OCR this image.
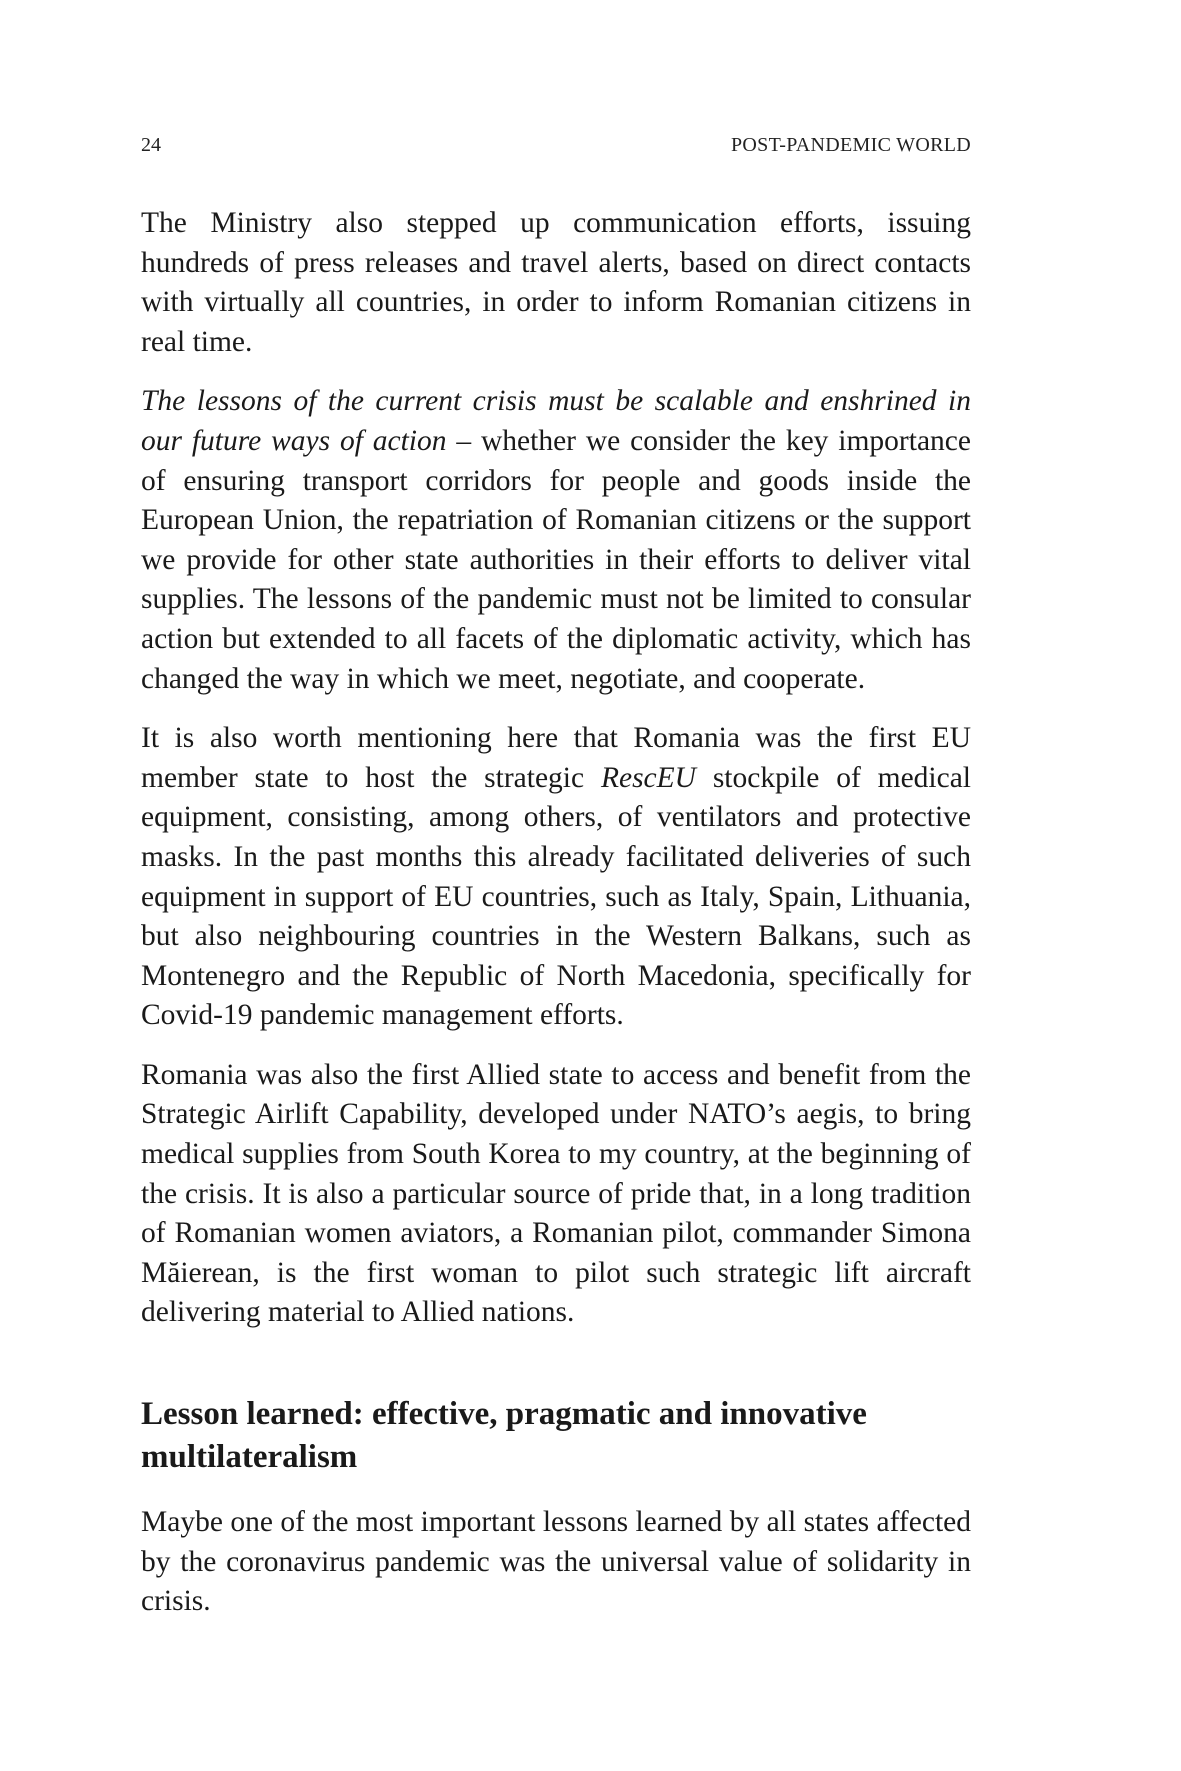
24	POST-PANDEMIC WORLD

The Ministry also stepped up communication efforts, issuing hundreds of press releases and travel alerts, based on direct contacts with virtually all countries, in order to inform Romanian citizens in real time.

The lessons of the current crisis must be scalable and enshrined in our future ways of action – whether we consider the key importance of ensuring transport corridors for people and goods inside the European Union, the repatriation of Romanian citizens or the support we provide for other state authorities in their efforts to deliver vital supplies. The lessons of the pandemic must not be limited to consular action but extended to all facets of the diplomatic activity, which has changed the way in which we meet, negotiate, and cooperate.

It is also worth mentioning here that Romania was the first EU member state to host the strategic RescEU stockpile of medical equipment, consisting, among others, of ventilators and protective masks. In the past months this already facilitated deliveries of such equipment in support of EU countries, such as Italy, Spain, Lithuania, but also neighbouring countries in the Western Balkans, such as Montenegro and the Republic of North Macedonia, specifically for Covid-19 pandemic management efforts.

Romania was also the first Allied state to access and benefit from the Strategic Airlift Capability, developed under NATO’s aegis, to bring medical supplies from South Korea to my country, at the beginning of the crisis. It is also a particular source of pride that, in a long tradition of Romanian women aviators, a Romanian pilot, commander Simona Măierean, is the first woman to pilot such strategic lift aircraft delivering material to Allied nations.

Lesson learned: effective, pragmatic and innovative multilateralism

Maybe one of the most important lessons learned by all states affected by the coronavirus pandemic was the universal value of solidarity in crisis.
